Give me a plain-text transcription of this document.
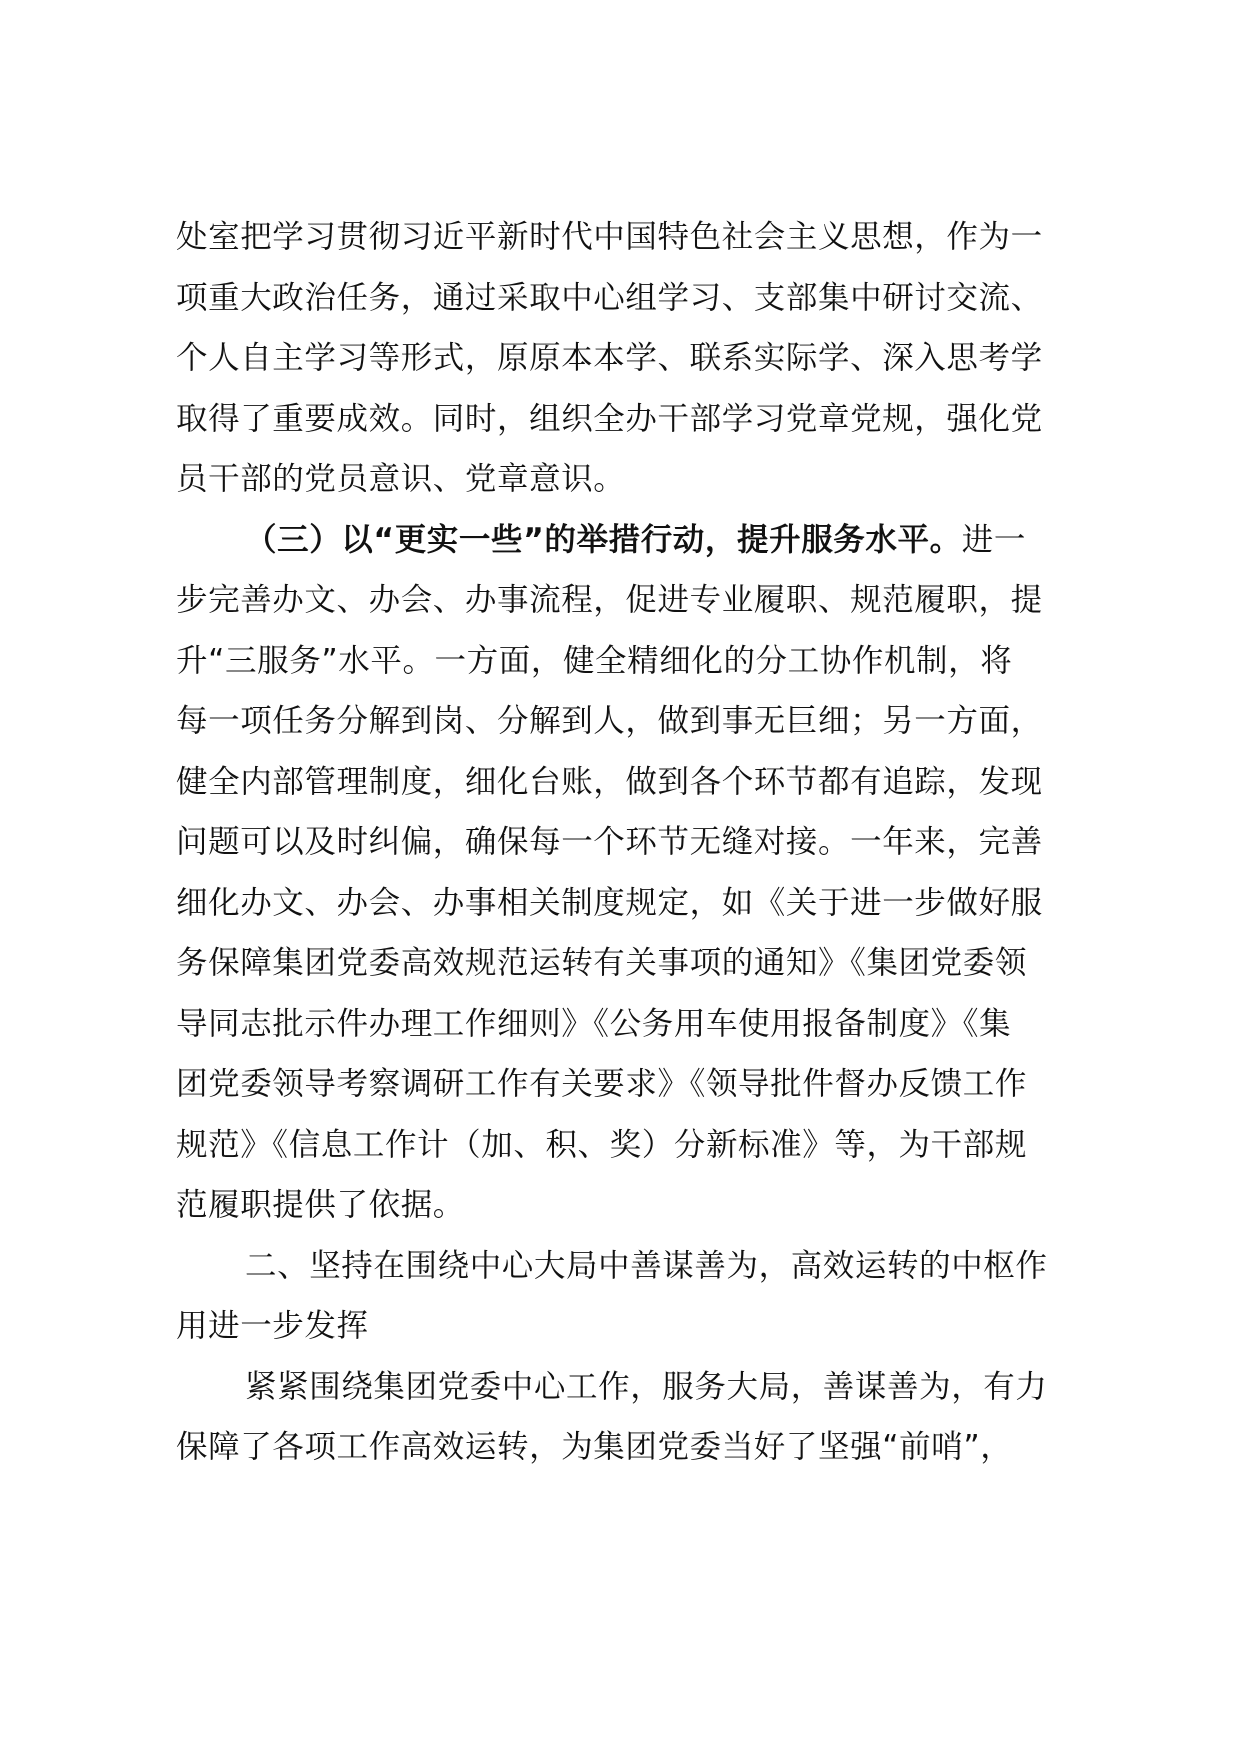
处室把学习贯彻习近平新时代中国特色社会主义思想，作为一
项重大政治任务，通过采取中心组学习、支部集中研讨交流、
个人自主学习等形式，原原本本学、联系实际学、深入思考学
取得了重要成效。同时，组织全办干部学习党章党规，强化党
员干部的党员意识、党章意识。
（三）以“更实一些”的举措行动，提升服务水平。进一
步完善办文、办会、办事流程，促进专业履职、规范履职，提
升“三服务”水平。一方面，健全精细化的分工协作机制，将
每一项任务分解到岗、分解到人，做到事无巨细；另一方面，
健全内部管理制度，细化台账，做到各个环节都有追踪，发现
问题可以及时纠偏，确保每一个环节无缝对接。一年来，完善
细化办文、办会、办事相关制度规定，如《关于进一步做好服
务保障集团党委高效规范运转有关事项的通知》《集团党委领
导同志批示件办理工作细则》《公务用车使用报备制度》《集
团党委领导考察调研工作有关要求》《领导批件督办反馈工作
规范》《信息工作计（加、积、奖）分新标准》等，为干部规
范履职提供了依据。
二、坚持在围绕中心大局中善谋善为，高效运转的中枢作
用进一步发挥
紧紧围绕集团党委中心工作，服务大局，善谋善为，有力
保障了各项工作高效运转，为集团党委当好了坚强“前哨”，
